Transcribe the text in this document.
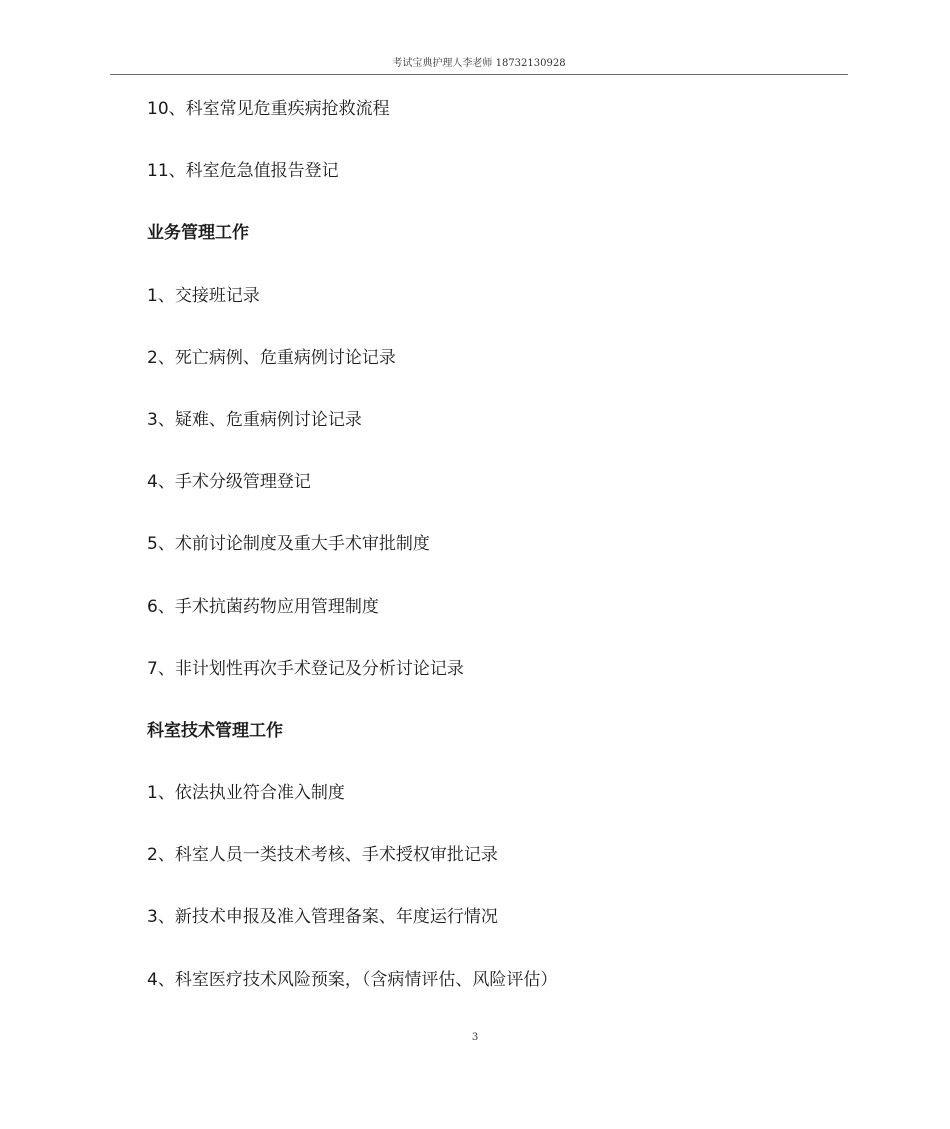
考试宝典护理人李老师 18732130928
10、科室常见危重疾病抢救流程
11、科室危急值报告登记
业务管理工作
1、交接班记录
2、死亡病例、危重病例讨论记录
3、疑难、危重病例讨论记录
4、手术分级管理登记
5、术前讨论制度及重大手术审批制度
6、手术抗菌药物应用管理制度
7、非计划性再次手术登记及分析讨论记录
科室技术管理工作
1、依法执业符合准入制度
2、科室人员一类技术考核、手术授权审批记录
3、新技术申报及准入管理备案、年度运行情况
4、科室医疗技术风险预案，（含病情评估、风险评估）
3
